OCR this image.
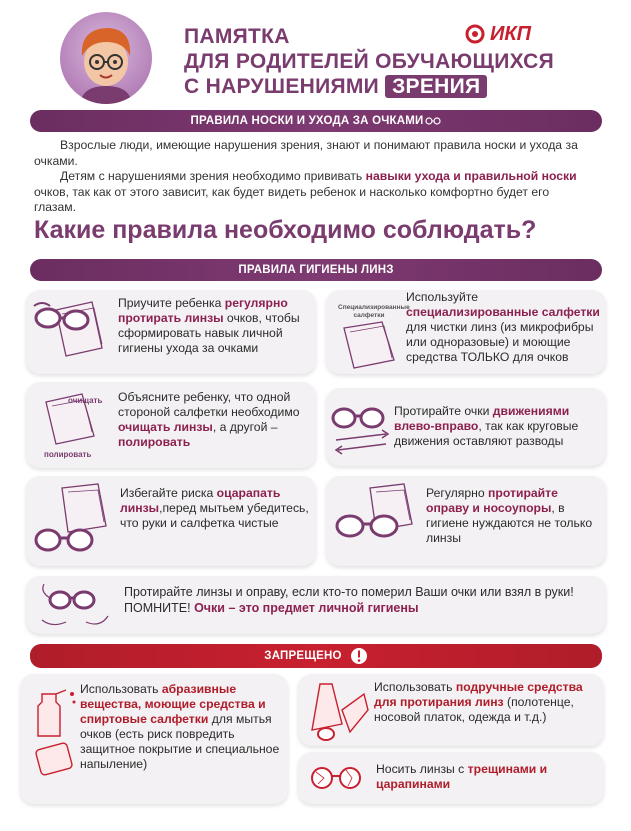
ПАМЯТКА
ДЛЯ РОДИТЕЛЕЙ ОБУЧАЮЩИХСЯ
С НАРУШЕНИЯМИ ЗРЕНИЯ
ИКП
ПРАВИЛА НОСКИ И УХОДА ЗА ОЧКАМИ
Взрослые люди, имеющие нарушения зрения, знают и понимают правила носки и ухода за очками.
Детям с нарушениями зрения необходимо прививать навыки ухода и правильной носки очков, так как от этого зависит, как будет видеть ребенок и насколько комфортно будет его глазам.
Какие правила необходимо соблюдать?
ПРАВИЛА ГИГИЕНЫ ЛИНЗ
Приучите ребенка регулярно протирать линзы очков, чтобы сформировать навык личной гигиены ухода за очками
Специализированные салфетки
Используйте специализированные салфетки для чистки линз (из микрофибры или одноразовые) и моющие средства ТОЛЬКО для очков
очищать
полировать
Объясните ребенку, что одной стороной салфетки необходимо очищать линзы, а другой – полировать
Протирайте очки движениями влево-вправо, так как круговые движения оставляют разводы
Избегайте риска оцарапать линзы,перед мытьем убедитесь, что руки и салфетка чистые
Регулярно протирайте оправу и носоупоры, в гигиене нуждаются не только линзы
Протирайте линзы и оправу, если кто-то померил Ваши очки или взял в руки! ПОМНИТЕ! Очки – это предмет личной гигиены
ЗАПРЕЩЕНО
Использовать абразивные вещества, моющие средства и спиртовые салфетки для мытья очков (есть риск повредить защитное покрытие и специальное напыление)
Использовать подручные средства для протирания линз (полотенце, носовой платок, одежда и т.д.)
Носить линзы с трещинами и царапинами
